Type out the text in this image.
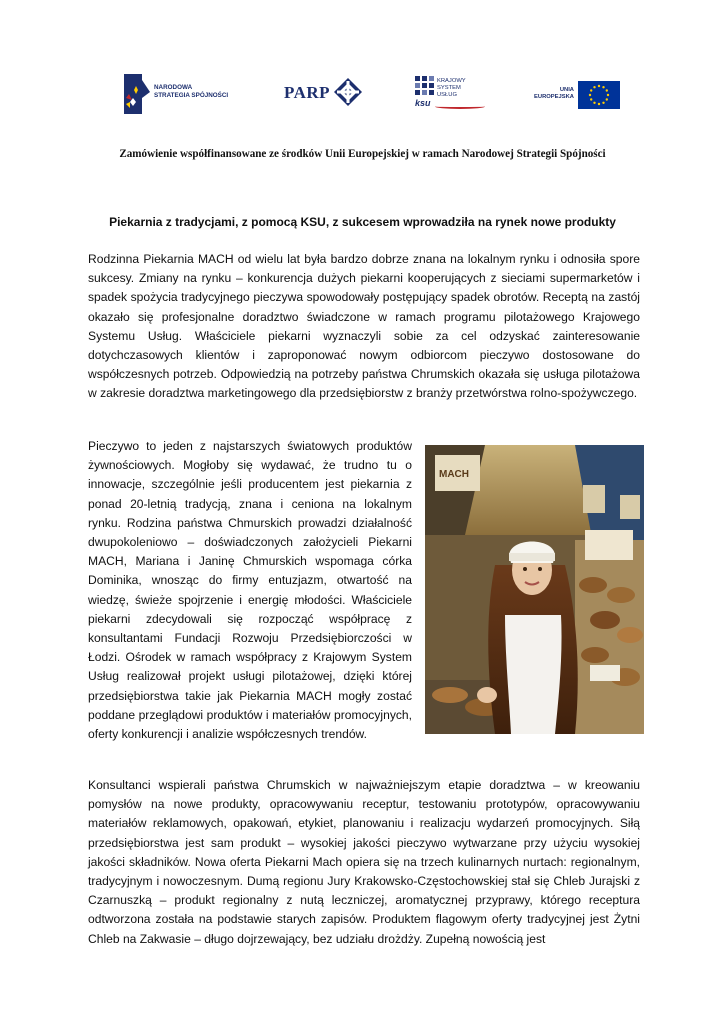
NARODOWA
STRATEGIA SPÓJNOŚCI	PARP
KRAJOWY
SYSTEM
USŁUG
ksu
UNIA
EUROPEJSKA
Zamówienie współfinansowane ze środków Unii Europejskiej w ramach Narodowej Strategii Spójności
Piekarnia z tradycjami, z pomocą KSU, z sukcesem wprowadziła na rynek nowe produkty
Rodzinna Piekarnia MACH od wielu lat była bardzo dobrze znana na lokalnym rynku i odnosiła spore sukcesy. Zmiany na rynku – konkurencja dużych piekarni kooperujących z sieciami supermarketów i spadek spożycia tradycyjnego pieczywa spowodowały postępujący spadek obrotów. Receptą na zastój okazało się profesjonalne doradztwo świadczone w ramach programu pilotażowego Krajowego Systemu Usług. Właściciele piekarni wyznaczyli sobie za cel odzyskać zainteresowanie dotychczasowych klientów i zaproponować nowym odbiorcom pieczywo dostosowane do współczesnych potrzeb. Odpowiedzią na potrzeby państwa Chrumskich okazała się usługa pilotażowa w zakresie doradztwa marketingowego dla przedsiębiorstw z branży przetwórstwa rolno-spożywczego.
Pieczywo to jeden z najstarszych światowych produktów żywnościowych. Mogłoby się wydawać, że trudno tu o innowacje, szczególnie jeśli producentem jest piekarnia z ponad 20-letnią tradycją, znana i ceniona na lokalnym rynku. Rodzina państwa Chmurskich prowadzi działalność dwupokoleniowo – doświadczonych założycieli Piekarni MACH, Mariana i Janinę Chmurskich wspomaga córka Dominika, wnosząc do firmy entuzjazm, otwartość na wiedzę, świeże spojrzenie i energię młodości. Właściciele piekarni zdecydowali się rozpocząć współpracę z konsultantami Fundacji Rozwoju Przedsiębiorczości w Łodzi. Ośrodek w ramach współpracy z Krajowym System Usług realizował projekt usługi pilotażowej, dzięki której przedsiębiorstwa takie jak Piekarnia MACH mogły zostać poddane przeglądowi produktów i materiałów promocyjnych, oferty konkurencji i analizie współczesnych trendów.
MACH
Konsultanci wspierali państwa Chrumskich w najważniejszym etapie doradztwa – w kreowaniu pomysłów na nowe produkty, opracowywaniu receptur, testowaniu prototypów, opracowywaniu materiałów reklamowych, opakowań, etykiet, planowaniu i realizacju wydarzeń promocyjnych. Siłą przedsiębiorstwa jest sam produkt – wysokiej jakości pieczywo wytwarzane przy użyciu wysokiej jakości składników. Nowa oferta Piekarni Mach opiera się na trzech kulinarnych nurtach: regionalnym, tradycyjnym i nowoczesnym. Dumą regionu Jury Krakowsko-Częstochowskiej stał się Chleb Jurajski z Czarnuszką – produkt regionalny z nutą leczniczej, aromatycznej przyprawy, którego receptura odtworzona została na podstawie starych zapisów. Produktem flagowym oferty tradycyjnej jest Żytni Chleb na Zakwasie – długo dojrzewający, bez udziału drożdży. Zupełną nowością jest
